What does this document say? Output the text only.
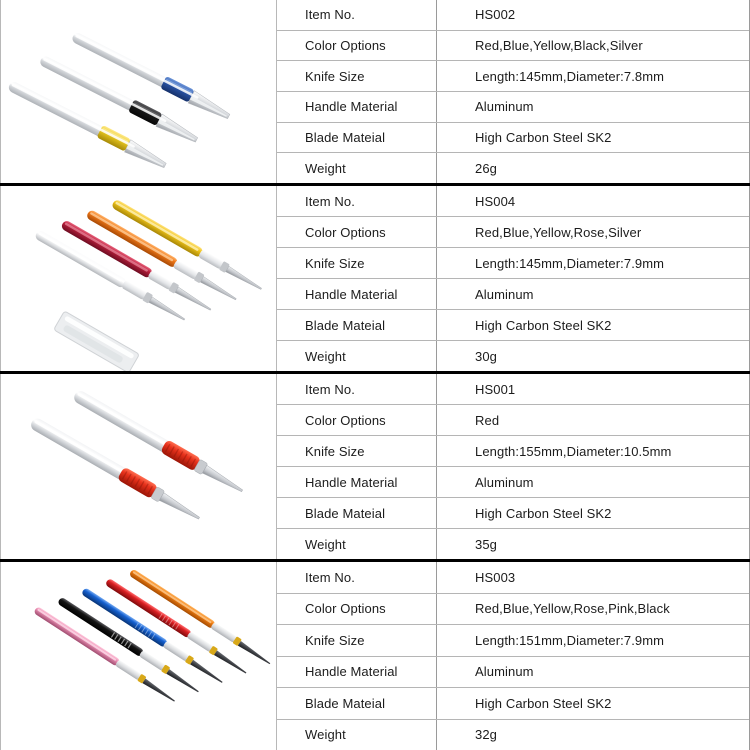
Item No.	HS002
Color Options	Red,Blue,Yellow,Black,Silver
Knife Size	Length:145mm,Diameter:7.8mm
Handle Material	Aluminum
Blade Mateial	High Carbon Steel SK2
Weight	26g
Item No.	HS004
Color Options	Red,Blue,Yellow,Rose,Silver
Knife Size	Length:145mm,Diameter:7.9mm
Handle Material	Aluminum
Blade Mateial	High Carbon Steel SK2
Weight	30g
Item No.	HS001
Color Options	Red
Knife Size	Length:155mm,Diameter:10.5mm
Handle Material	Aluminum
Blade Mateial	High Carbon Steel SK2
Weight	35g
Item No.	HS003
Color Options	Red,Blue,Yellow,Rose,Pink,Black
Knife Size	Length:151mm,Diameter:7.9mm
Handle Material	Aluminum
Blade Mateial	High Carbon Steel SK2
Weight	32g
